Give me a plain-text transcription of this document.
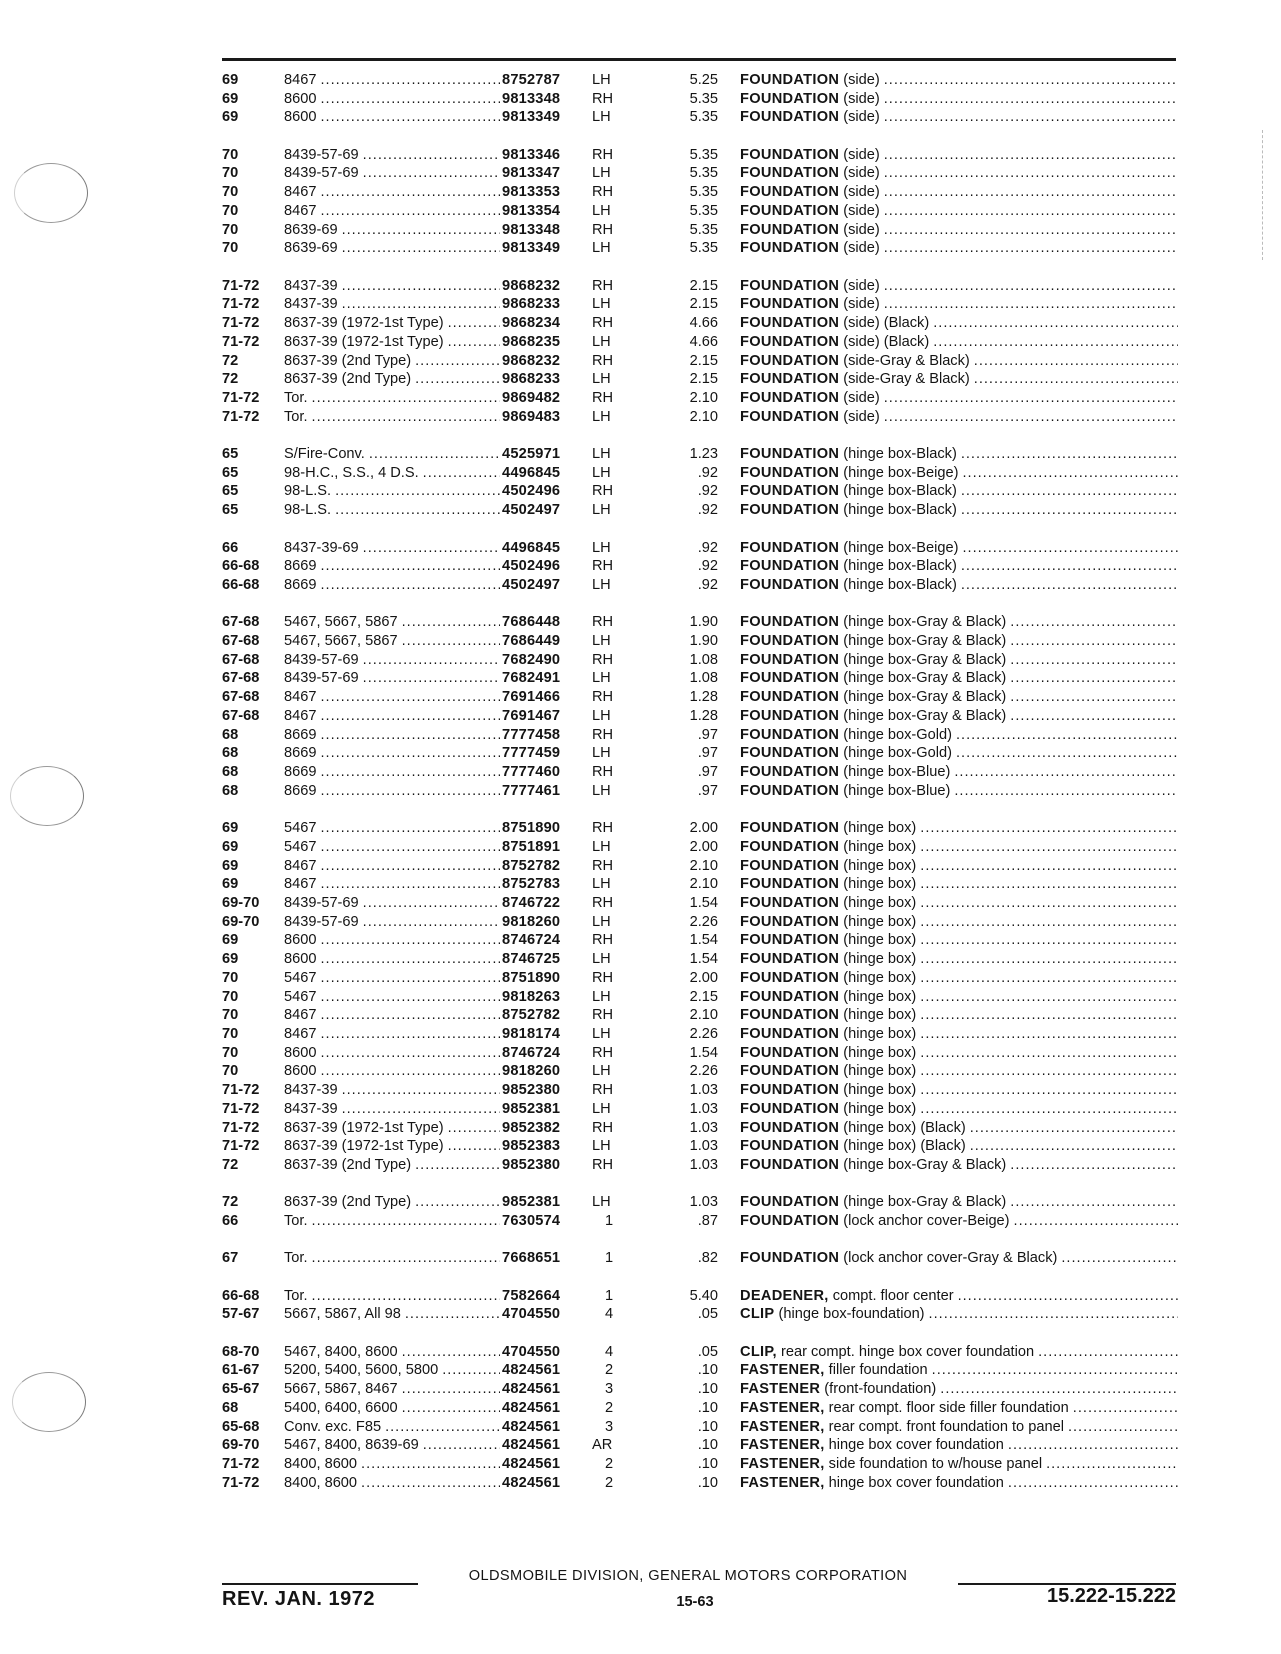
69	8467 .....	8752787	LH	5.25 FOUNDATION (side)
.....
69	8600 .....	9813348	RH	5.35 FOUNDATION (side)
.....
69	8600 .....	9813349	LH	5.35 FOUNDATION (side)
.....
70	8439-57-69 .....	9813346	RH	5.35 FOUNDATION (side)
.....
70	8439-57-69 .....	9813347	LH	5.35 FOUNDATION (side)
.....
70	8467 .....	9813353	RH	5.35 FOUNDATION (side)
.....
70	8467 .....	9813354	LH	5.35 FOUNDATION (side)
.....
70	8639-69 .....	9813348	RH	5.35 FOUNDATION (side)
.....
70	8639-69 .....	9813349	LH	5.35 FOUNDATION (side)
.....
71-72	8437-39 .....	9868232	RH	2.15 FOUNDATION (side)
.....
71-72	8437-39 .....	9868233	LH	2.15 FOUNDATION (side)
.....
71-72	8637-39 (1972-1st Type) .....	9868234	RH	4.66 FOUNDATION (side) (Black)
.....
71-72	8637-39 (1972-1st Type) .....	9868235	LH	4.66 FOUNDATION (side) (Black)
.....
72	8637-39 (2nd Type) .....	9868232	RH	2.15 FOUNDATION (side-Gray & Black)
.....
72	8637-39 (2nd Type) .....	9868233	LH	2.15 FOUNDATION (side-Gray & Black)
.....
71-72	Tor. .....	9869482	RH	2.10 FOUNDATION (side)
.....
71-72	Tor. .....	9869483	LH	2.10 FOUNDATION (side)
.....
65	S/Fire-Conv. .....	4525971	LH	1.23 FOUNDATION (hinge box-Black)
.....
65	98-H.C., S.S., 4 D.S. .....	4496845	LH	.92 FOUNDATION (hinge box-Beige)
.....
65	98-L.S. .....	4502496	RH	.92 FOUNDATION (hinge box-Black)
.....
65	98-L.S. .....	4502497	LH	.92 FOUNDATION (hinge box-Black)
.....
66	8437-39-69 .....	4496845	LH	.92 FOUNDATION (hinge box-Beige)
.....
66-68	8669 .....	4502496	RH	.92 FOUNDATION (hinge box-Black)
.....
66-68	8669 .....	4502497	LH	.92 FOUNDATION (hinge box-Black)
.....
67-68	5467, 5667, 5867 .....	7686448	RH	1.90 FOUNDATION (hinge box-Gray & Black)
.....
67-68	5467, 5667, 5867 .....	7686449	LH	1.90 FOUNDATION (hinge box-Gray & Black)
.....
67-68	8439-57-69 .....	7682490	RH	1.08 FOUNDATION (hinge box-Gray & Black)
.....
67-68	8439-57-69 .....	7682491	LH	1.08 FOUNDATION (hinge box-Gray & Black)
.....
67-68	8467 .....	7691466	RH	1.28 FOUNDATION (hinge box-Gray & Black)
.....
67-68	8467 .....	7691467	LH	1.28 FOUNDATION (hinge box-Gray & Black)
.....
68	8669 .....	7777458	RH	.97 FOUNDATION (hinge box-Gold)
.....
68	8669 .....	7777459	LH	.97 FOUNDATION (hinge box-Gold)
.....
68	8669 .....	7777460	RH	.97 FOUNDATION (hinge box-Blue)
.....
68	8669 .....	7777461	LH	.97 FOUNDATION (hinge box-Blue)
.....
69	5467 .....	8751890	RH	2.00 FOUNDATION (hinge box)
.....
69	5467 .....	8751891	LH	2.00 FOUNDATION (hinge box)
.....
69	8467 .....	8752782	RH	2.10 FOUNDATION (hinge box)
.....
69	8467 .....	8752783	LH	2.10 FOUNDATION (hinge box)
.....
69-70	8439-57-69 .....	8746722	RH	1.54 FOUNDATION (hinge box)
.....
69-70	8439-57-69 .....	9818260	LH	2.26 FOUNDATION (hinge box)
.....
69	8600 .....	8746724	RH	1.54 FOUNDATION (hinge box)
.....
69	8600 .....	8746725	LH	1.54 FOUNDATION (hinge box)
.....
70	5467 .....	8751890	RH	2.00 FOUNDATION (hinge box)
.....
70	5467 .....	9818263	LH	2.15 FOUNDATION (hinge box)
.....
70	8467 .....	8752782	RH	2.10 FOUNDATION (hinge box)
.....
70	8467 .....	9818174	LH	2.26 FOUNDATION (hinge box)
.....
70	8600 .....	8746724	RH	1.54 FOUNDATION (hinge box)
.....
70	8600 .....	9818260	LH	2.26 FOUNDATION (hinge box)
.....
71-72	8437-39 .....	9852380	RH	1.03 FOUNDATION (hinge box)
.....
71-72	8437-39 .....	9852381	LH	1.03 FOUNDATION (hinge box)
.....
71-72	8637-39 (1972-1st Type) .....	9852382	RH	1.03 FOUNDATION (hinge box) (Black)
.....
71-72	8637-39 (1972-1st Type) .....	9852383	LH	1.03 FOUNDATION (hinge box) (Black)
.....
72	8637-39 (2nd Type) .....	9852380	RH	1.03 FOUNDATION (hinge box-Gray & Black)
.....
72	8637-39 (2nd Type) .....	9852381	LH	1.03 FOUNDATION (hinge box-Gray & Black)
.....
66	Tor. .....	7630574	1	.87 FOUNDATION (lock anchor cover-Beige)
.....
67	Tor. .....	7668651	1	.82 FOUNDATION (lock anchor cover-Gray & Black)
.....
66-68	Tor. .....	7582664	1	5.40 DEADENER, compt. floor center
.....
57-67	5667, 5867, All 98 .....	4704550	4	.05 CLIP (hinge box-foundation)
.....
68-70	5467, 8400, 8600 .....	4704550	4	.05 CLIP, rear compt. hinge box cover foundation
.....
61-67	5200, 5400, 5600, 5800 .....	4824561	2	.10 FASTENER, filler foundation
.....
65-67	5667, 5867, 8467 .....	4824561	3	.10 FASTENER (front-foundation)
.....
68	5400, 6400, 6600 .....	4824561	2	.10 FASTENER, rear compt. floor side filler foundation
.....
65-68	Conv. exc. F85 .....	4824561	3	.10 FASTENER, rear compt. front foundation to panel
.....
69-70	5467, 8400, 8639-69 .....	4824561	AR	.10 FASTENER, hinge box cover foundation
.....
71-72	8400, 8600 .....	4824561	2	.10 FASTENER, side foundation to w/house panel
.....
71-72	8400, 8600 .....	4824561	2	.10 FASTENER, hinge box cover foundation
.....
OLDSMOBILE DIVISION, GENERAL MOTORS CORPORATION
REV. JAN. 1972	15-63	15.222-15.222
